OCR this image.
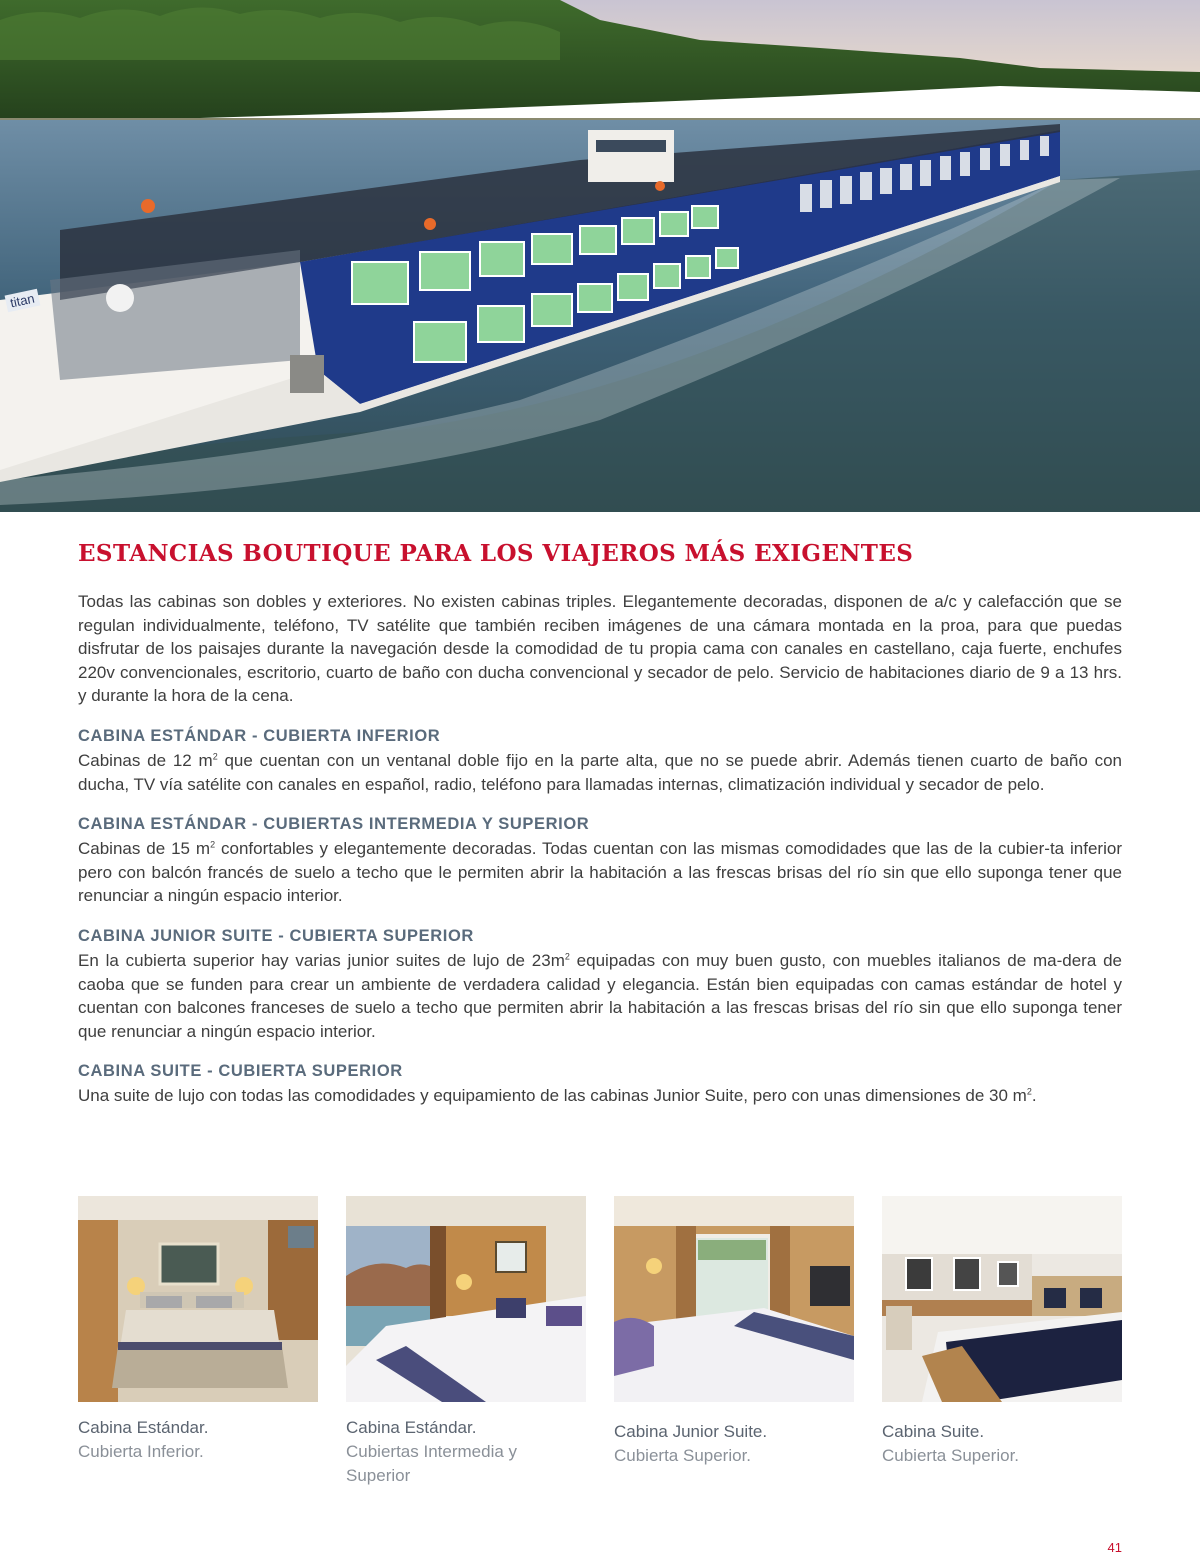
titan
ESTANCIAS BOUTIQUE PARA LOS VIAJEROS MÁS EXIGENTES

Todas las cabinas son dobles y exteriores. No existen cabinas triples. Elegantemente decoradas, disponen de a/c y calefacción que se regulan individualmente, teléfono, TV satélite que también reciben imágenes de una cámara montada en la proa, para que puedas disfrutar de los paisajes durante la navegación desde la comodidad de tu propia cama con canales en castellano, caja fuerte, enchufes 220v convencionales, escritorio, cuarto de baño con ducha convencional y secador de pelo. Servicio de habitaciones diario de 9 a 13 hrs. y durante la hora de la cena.

CABINA ESTÁNDAR - CUBIERTA INFERIOR

Cabinas de 12 $m^2$ que cuentan con un ventanal doble fijo en la parte alta, que no se puede abrir. Además tienen cuarto de baño con ducha, TV vía satélite con canales en español, radio, teléfono para llamadas internas, climatización individual y secador de pelo.

CABINA ESTÁNDAR - CUBIERTAS INTERMEDIA Y SUPERIOR

Cabinas de 15 $m^2$ confortables y elegantemente decoradas. Todas cuentan con las mismas comodidades que las de la cubier-ta inferior pero con balcón francés de suelo a techo que le permiten abrir la habitación a las frescas brisas del río sin que ello suponga tener que renunciar a ningún espacio interior.

CABINA JUNIOR SUITE - CUBIERTA SUPERIOR

En la cubierta superior hay varias junior suites de lujo de $23m^2$ equipadas con muy buen gusto, con muebles italianos de ma-dera de caoba que se funden para crear un ambiente de verdadera calidad y elegancia. Están bien equipadas con camas estándar de hotel y cuentan con balcones franceses de suelo a techo que permiten abrir la habitación a las frescas brisas del río sin que ello suponga tener que renunciar a ningún espacio interior.

CABINA SUITE - CUBIERTA SUPERIOR

Una suite de lujo con todas las comodidades y equipamiento de las cabinas Junior Suite, pero con unas dimensiones de 30 $m^2$.

Cabina Estándar.
Cubierta Inferior.
Cabina Estándar.
Cubiertas Intermedia y Superior
Cabina Junior Suite.
Cubierta Superior.
Cabina Suite.
Cubierta Superior.
41
